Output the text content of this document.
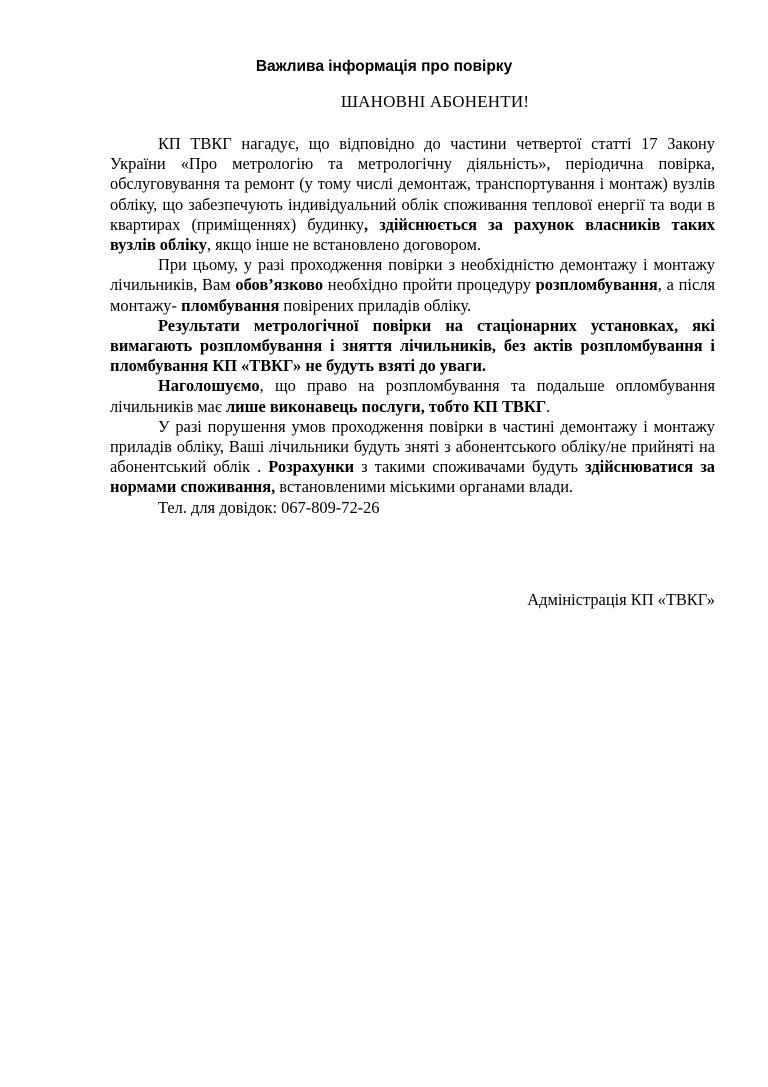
Важлива інформація про повірку
ШАНОВНІ АБОНЕНТИ!

КП ТВКГ нагадує, що відповідно до частини четвертої статті 17 Закону України «Про метрологію та метрологічну діяльність», періодична повірка, обслуговування та ремонт (у тому числі демонтаж, транспортування і монтаж) вузлів обліку, що забезпечують індивідуальний облік споживання теплової енергії та води в квартирах (приміщеннях) будинку, здійснюється за рахунок власників таких вузлів обліку, якщо інше не встановлено договором.

При цьому, у разі проходження повірки з необхідністю демонтажу і монтажу лічильників, Вам обов’язково необхідно пройти процедуру розпломбування, а після монтажу- пломбування повірених приладів обліку.

Результати метрологічної повірки на стаціонарних установках, які вимагають розпломбування і зняття лічильників, без актів розпломбування і пломбування КП «ТВКГ» не будуть взяті до уваги.

Наголошуємо, що право на розпломбування та подальше опломбування лічильників має лише виконавець послуги, тобто КП ТВКГ.

У разі порушення умов проходження повірки в частині демонтажу і монтажу приладів обліку, Ваші лічильники будуть зняті з абонентського обліку/не прийняті на абонентський облік . Розрахунки з такими споживачами будуть здійснюватися за нормами споживання, встановленими міськими органами влади.

Тел. для довідок: 067-809-72-26

Адміністрація КП «ТВКГ»
